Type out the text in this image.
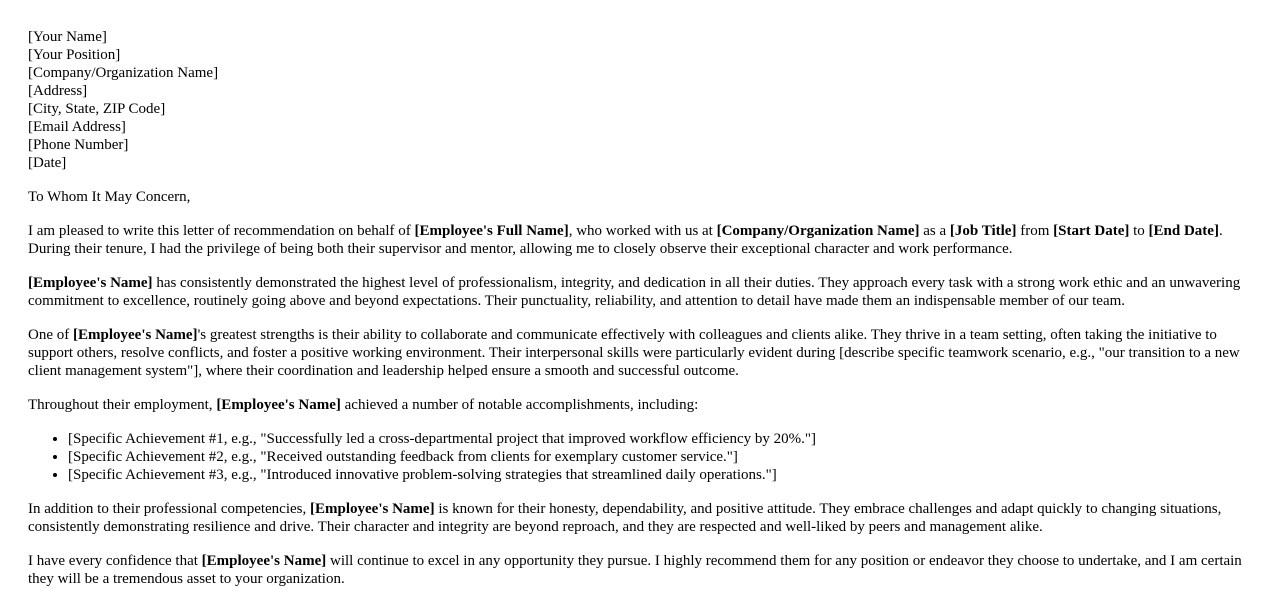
[Your Name]
[Your Position]
[Company/Organization Name]
[Address]
[City, State, ZIP Code]
[Email Address]
[Phone Number]
[Date]

To Whom It May Concern,

I am pleased to write this letter of recommendation on behalf of [Employee's Full Name], who worked with us at [Company/Organization Name] as a [Job Title] from [Start Date] to [End Date]. During their tenure, I had the privilege of being both their supervisor and mentor, allowing me to closely observe their exceptional character and work performance.

[Employee's Name] has consistently demonstrated the highest level of professionalism, integrity, and dedication in all their duties. They approach every task with a strong work ethic and an unwavering commitment to excellence, routinely going above and beyond expectations. Their punctuality, reliability, and attention to detail have made them an indispensable member of our team.

One of [Employee's Name]'s greatest strengths is their ability to collaborate and communicate effectively with colleagues and clients alike. They thrive in a team setting, often taking the initiative to support others, resolve conflicts, and foster a positive working environment. Their interpersonal skills were particularly evident during [describe specific teamwork scenario, e.g., "our transition to a new client management system"], where their coordination and leadership helped ensure a smooth and successful outcome.

Throughout their employment, [Employee's Name] achieved a number of notable accomplishments, including:

• [Specific Achievement #1, e.g., "Successfully led a cross-departmental project that improved workflow efficiency by 20%."]
• [Specific Achievement #2, e.g., "Received outstanding feedback from clients for exemplary customer service."]
• [Specific Achievement #3, e.g., "Introduced innovative problem-solving strategies that streamlined daily operations."]

In addition to their professional competencies, [Employee's Name] is known for their honesty, dependability, and positive attitude. They embrace challenges and adapt quickly to changing situations, consistently demonstrating resilience and drive. Their character and integrity are beyond reproach, and they are respected and well-liked by peers and management alike.

I have every confidence that [Employee's Name] will continue to excel in any opportunity they pursue. I highly recommend them for any position or endeavor they choose to undertake, and I am certain they will be a tremendous asset to your organization.
